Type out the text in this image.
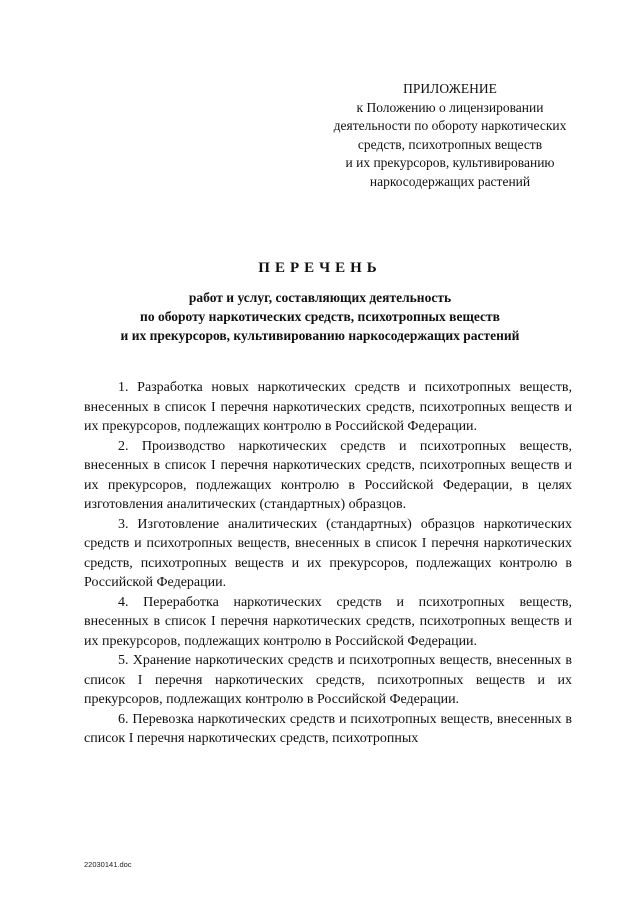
ПРИЛОЖЕНИЕ
к Положению о лицензировании
деятельности по обороту наркотических
средств, психотропных веществ
и их прекурсоров, культивированию
наркосодержащих растений
ПЕРЕЧЕНЬ
работ и услуг, составляющих деятельность
по обороту наркотических средств, психотропных веществ
и их прекурсоров, культивированию наркосодержащих растений

1. Разработка новых наркотических средств и психотропных веществ, внесенных в список I перечня наркотических средств, психотропных веществ и их прекурсоров, подлежащих контролю в Российской Федерации.

2. Производство наркотических средств и психотропных веществ, внесенных в список I перечня наркотических средств, психотропных веществ и их прекурсоров, подлежащих контролю в Российской Федерации, в целях изготовления аналитических (стандартных) образцов.

3. Изготовление аналитических (стандартных) образцов наркотических средств и психотропных веществ, внесенных в список I перечня наркотических средств, психотропных веществ и их прекурсоров, подлежащих контролю в Российской Федерации.

4. Переработка наркотических средств и психотропных веществ, внесенных в список I перечня наркотических средств, психотропных веществ и их прекурсоров, подлежащих контролю в Российской Федерации.

5. Хранение наркотических средств и психотропных веществ, внесенных в список I перечня наркотических средств, психотропных веществ и их прекурсоров, подлежащих контролю в Российской Федерации.

6. Перевозка наркотических средств и психотропных веществ, внесенных в список I перечня наркотических средств, психотропных

22030141.doc
